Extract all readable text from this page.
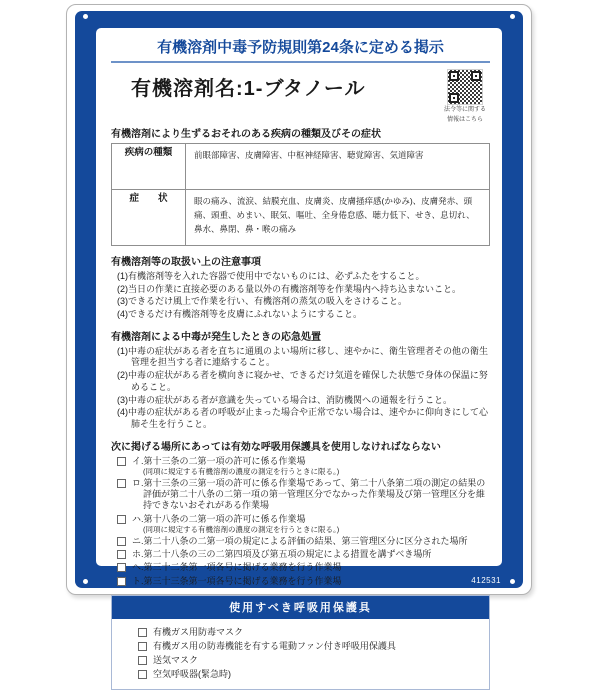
412531
有機溶剤中毒予防規則第24条に定める掲示
有機溶剤名:1-ブタノール
法令等に関する
情報はこちら
有機溶剤により生ずるおそれのある疾病の種類及びその症状
疾病の種類	前眼部障害、皮膚障害、中枢神経障害、聴覚障害、気道障害
症　　状	眼の痛み、流涙、結膜充血、皮膚炎、皮膚掻痒感(かゆみ)、皮膚発赤、頭痛、頭重、めまい、眠気、嘔吐、全身倦怠感、聴力低下、せき、息切れ、鼻水、鼻閉、鼻・喉の痛み
有機溶剤等の取扱い上の注意事項
(1)有機溶剤等を入れた容器で使用中でないものには、必ずふたをすること。
(2)当日の作業に直接必要のある量以外の有機溶剤等を作業場内へ持ち込まないこと。
(3)できるだけ風上で作業を行い、有機溶剤の蒸気の吸入をさけること。
(4)できるだけ有機溶剤等を皮膚にふれないようにすること。
有機溶剤による中毒が発生したときの応急処置
(1)中毒の症状がある者を直ちに通風のよい場所に移し、速やかに、衛生管理者その他の衛生管理を担当する者に連絡すること。
(2)中毒の症状がある者を横向きに寝かせ、できるだけ気道を確保した状態で身体の保温に努めること。
(3)中毒の症状がある者が意識を失っている場合は、消防機関への通報を行うこと。
(4)中毒の症状がある者の呼吸が止まった場合や正常でない場合は、速やかに仰向きにして心肺そ生を行うこと。
次に掲げる場所にあっては有効な呼吸用保護具を使用しなければならない
イ.第十三条の二第一項の許可に係る作業場
(同項に規定する有機溶剤の濃度の測定を行うときに限る。)
ロ.第十三条の三第一項の許可に係る作業場であって、第二十八条第二項の測定の結果の評価が第二十八条の二第一項の第一管理区分でなかった作業場及び第一管理区分を維持できないおそれがある作業場
ハ.第十八条の二第一項の許可に係る作業場
(同項に規定する有機溶剤の濃度の測定を行うときに限る。)
ニ.第二十八条の二第一項の規定による評価の結果、第三管理区分に区分された場所
ホ.第二十八条の三の二第四項及び第五項の規定による措置を講ずべき場所
ヘ.第三十二条第一項各号に掲げる業務を行う作業場
ト.第三十三条第一項各号に掲げる業務を行う作業場
使用すべき呼吸用保護具
有機ガス用防毒マスク
有機ガス用の防毒機能を有する電動ファン付き呼吸用保護具
送気マスク
空気呼吸器(緊急時)
